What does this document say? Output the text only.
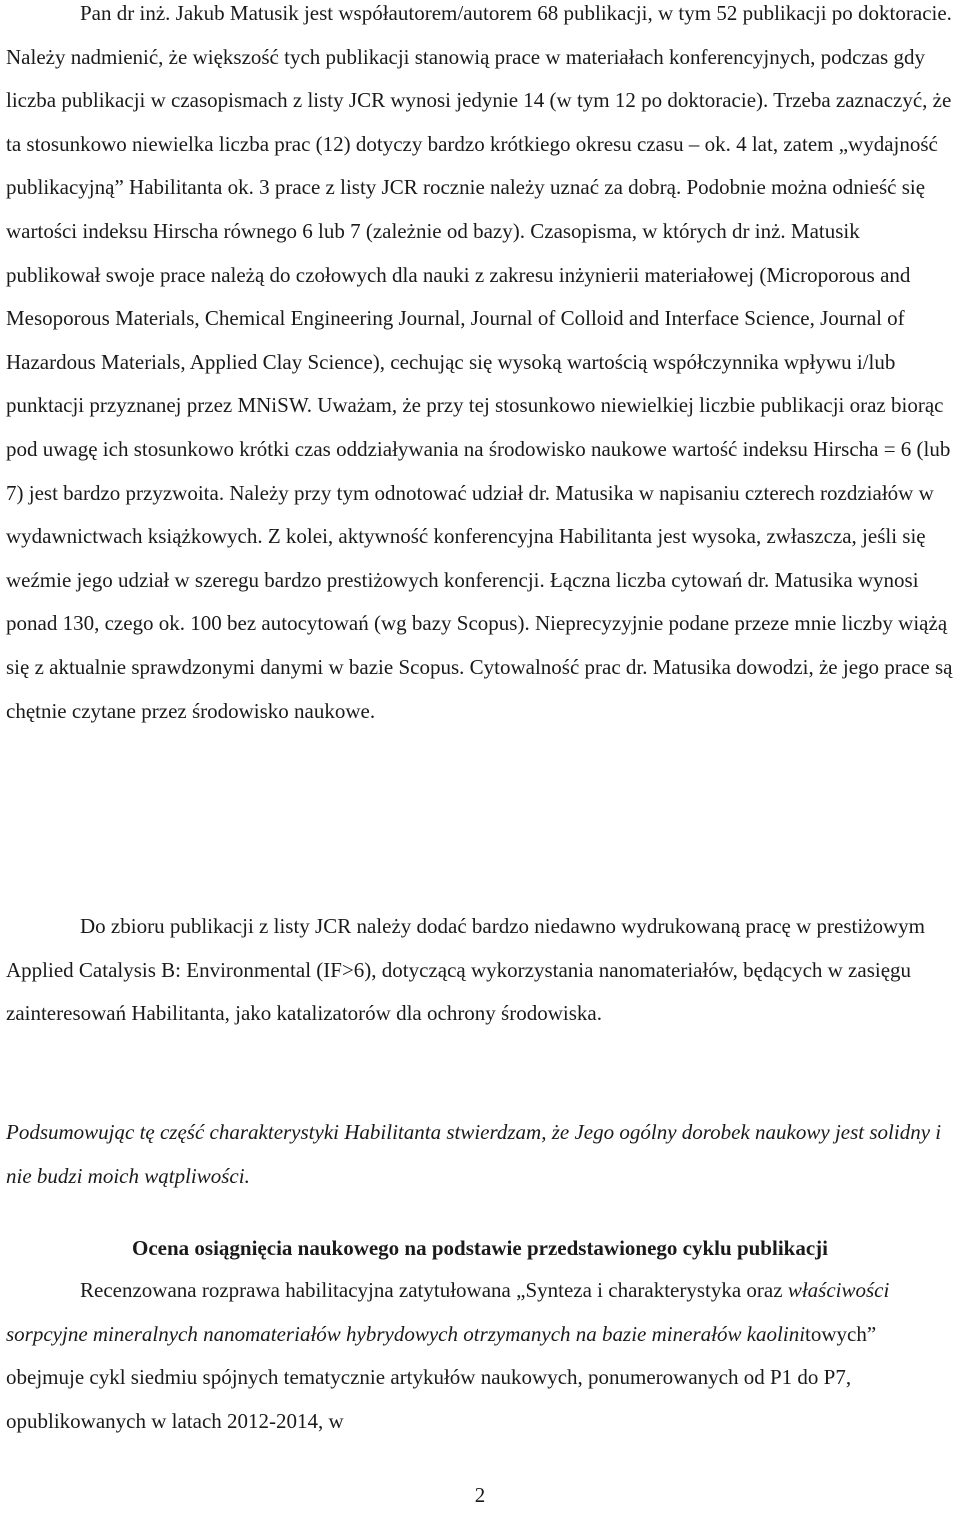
Pan dr inż. Jakub Matusik jest współautorem/autorem 68 publikacji, w tym 52 publikacji po doktoracie. Należy nadmienić, że większość tych publikacji stanowią prace w materiałach konferencyjnych, podczas gdy liczba publikacji w czasopismach z listy JCR wynosi jedynie 14 (w tym 12 po doktoracie). Trzeba zaznaczyć, że ta stosunkowo niewielka liczba prac (12) dotyczy bardzo krótkiego okresu czasu – ok. 4 lat, zatem „wydajność publikacyjną” Habilitanta ok. 3 prace z listy JCR rocznie należy uznać za dobrą. Podobnie można odnieść się wartości indeksu Hirscha równego 6 lub 7 (zależnie od bazy). Czasopisma, w których dr inż. Matusik publikował swoje prace należą do czołowych dla nauki z zakresu inżynierii materiałowej (Microporous and Mesoporous Materials, Chemical Engineering Journal, Journal of Colloid and Interface Science, Journal of Hazardous Materials, Applied Clay Science), cechując się wysoką wartością współczynnika wpływu i/lub punktacji przyznanej przez MNiSW. Uważam, że przy tej stosunkowo niewielkiej liczbie publikacji oraz biorąc pod uwagę ich stosunkowo krótki czas oddziaływania na środowisko naukowe wartość indeksu Hirscha = 6 (lub 7) jest bardzo przyzwoita. Należy przy tym odnotować udział dr. Matusika w napisaniu czterech rozdziałów w wydawnictwach książkowych. Z kolei, aktywność konferencyjna Habilitanta jest wysoka, zwłaszcza, jeśli się weźmie jego udział w szeregu bardzo prestiżowych konferencji. Łączna liczba cytowań dr. Matusika wynosi ponad 130, czego ok. 100 bez autocytowań (wg bazy Scopus). Nieprecyzyjnie podane przeze mnie liczby wiążą się z aktualnie sprawdzonymi danymi w bazie Scopus. Cytowalność prac dr. Matusika dowodzi, że jego prace są chętnie czytane przez środowisko naukowe.

Do zbioru publikacji z listy JCR należy dodać bardzo niedawno wydrukowaną pracę w prestiżowym Applied Catalysis B: Environmental (IF>6), dotyczącą wykorzystania nanomateriałów, będących w zasięgu zainteresowań Habilitanta, jako katalizatorów dla ochrony środowiska.

Podsumowując tę część charakterystyki Habilitanta stwierdzam, że Jego ogólny dorobek naukowy jest solidny i nie budzi moich wątpliwości.

Ocena osiągnięcia naukowego na podstawie przedstawionego cyklu publikacji

Recenzowana rozprawa habilitacyjna zatytułowana „Synteza i charakterystyka oraz właściwości sorpcyjne mineralnych nanomateriałów hybrydowych otrzymanych na bazie minerałów kaolinitowych” obejmuje cykl siedmiu spójnych tematycznie artykułów naukowych, ponumerowanych od P1 do P7, opublikowanych w latach 2012-2014, w

2
